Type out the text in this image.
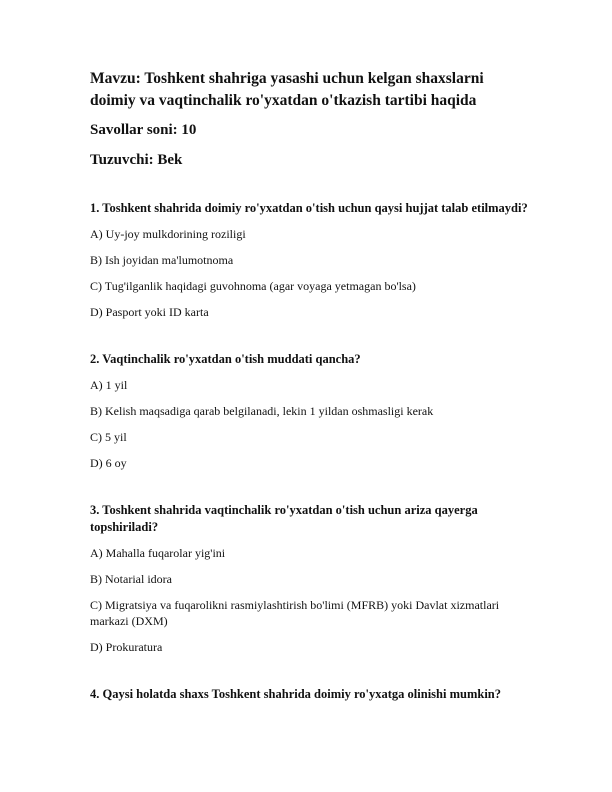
Mavzu: Toshkent shahriga yasashi uchun kelgan shaxslarni doimiy va vaqtinchalik ro'yxatdan o'tkazish tartibi haqida
Savollar soni: 10
Tuzuvchi: Bek
1. Toshkent shahrida doimiy ro'yxatdan o'tish uchun qaysi hujjat talab etilmaydi?
A) Uy-joy mulkdorining roziligi
B) Ish joyidan ma'lumotnoma
C) Tug'ilganlik haqidagi guvohnoma (agar voyaga yetmagan bo'lsa)
D) Pasport yoki ID karta
2. Vaqtinchalik ro'yxatdan o'tish muddati qancha?
A) 1 yil
B) Kelish maqsadiga qarab belgilanadi, lekin 1 yildan oshmasligi kerak
C) 5 yil
D) 6 oy
3. Toshkent shahrida vaqtinchalik ro'yxatdan o'tish uchun ariza qayerga topshiriladi?
A) Mahalla fuqarolar yig'ini
B) Notarial idora
C) Migratsiya va fuqarolikni rasmiylashtirish bo'limi (MFRB) yoki Davlat xizmatlari markazi (DXM)
D) Prokuratura
4. Qaysi holatda shaxs Toshkent shahrida doimiy ro'yxatga olinishi mumkin?
